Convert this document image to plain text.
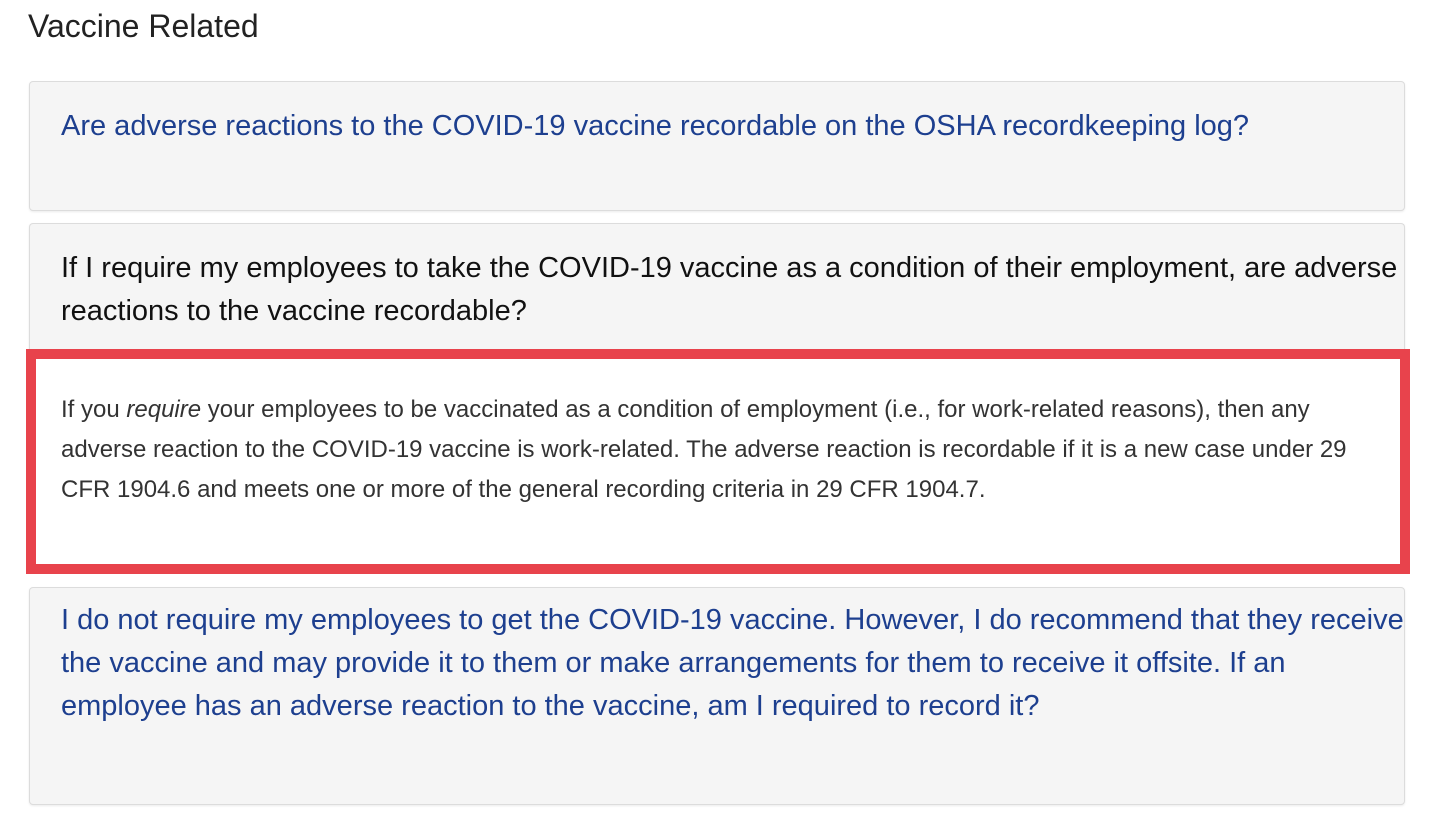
Vaccine Related
Are adverse reactions to the COVID-19 vaccine recordable on the OSHA recordkeeping log?
If I require my employees to take the COVID-19 vaccine as a condition of their employment, are adverse reactions to the vaccine recordable?

If you require your employees to be vaccinated as a condition of employment (i.e., for work-related reasons), then any adverse reaction to the COVID-19 vaccine is work-related. The adverse reaction is recordable if it is a new case under 29 CFR 1904.6 and meets one or more of the general recording criteria in 29 CFR 1904.7.

I do not require my employees to get the COVID-19 vaccine. However, I do recommend that they receive the vaccine and may provide it to them or make arrangements for them to receive it offsite. If an employee has an adverse reaction to the vaccine, am I required to record it?
